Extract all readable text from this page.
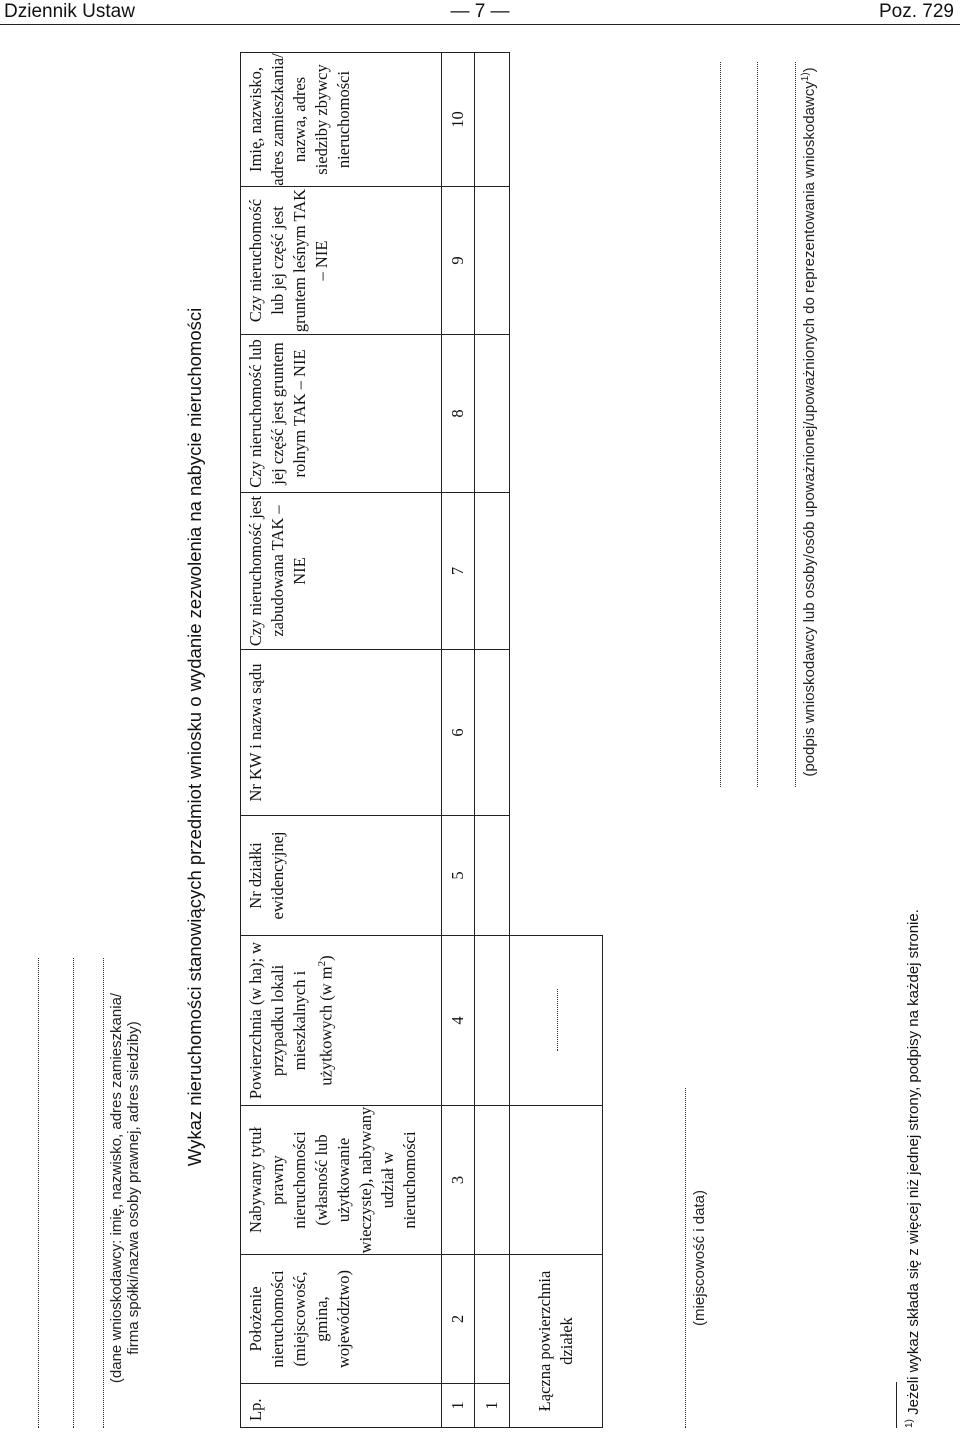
Dziennik Ustaw	— 7 —	Poz. 729
(dane wnioskodawcy: imię, nazwisko, adres zamieszkania/ firma spółki/nazwa osoby prawnej, adres siedziby)
Wykaz nieruchomości stanowiących przedmiot wniosku o wydanie zezwolenia na nabycie nieruchomości
Lp.	Położenie nieruchomości (miejscowość, gmina, województwo)	Nabywany tytuł prawny nieruchomości (własność lub użytkowanie wieczyste), nabywany udział w nieruchomości	Powierzchnia (w ha); w przypadku lokali mieszkalnych i użytkowych (w $m^2$)	Nr działki ewidencyjnej	Nr KW i nazwa sądu	Czy nieruchomość jest zabudowana TAK – NIE	Czy nieruchomość lub jej część jest gruntem rolnym TAK – NIE	Czy nieruchomość lub jej część jest gruntem leśnym TAK – NIE	Imię, nazwisko, adres zamieszkania/ nazwa, adres siedziby zbywcy nieruchomości
1	2	3	4	5	6	7	8	9	10
1									
Łączna powierzchnia działek									
(miejscowość i data)
(podpis wnioskodawcy lub osoby/osób upoważnionej/upoważnionych do reprezentowania wnioskodawcy$^{1)}$)
$^{1)}$ Jeżeli wykaz składa się z więcej niż jednej strony, podpisy na każdej stronie.
